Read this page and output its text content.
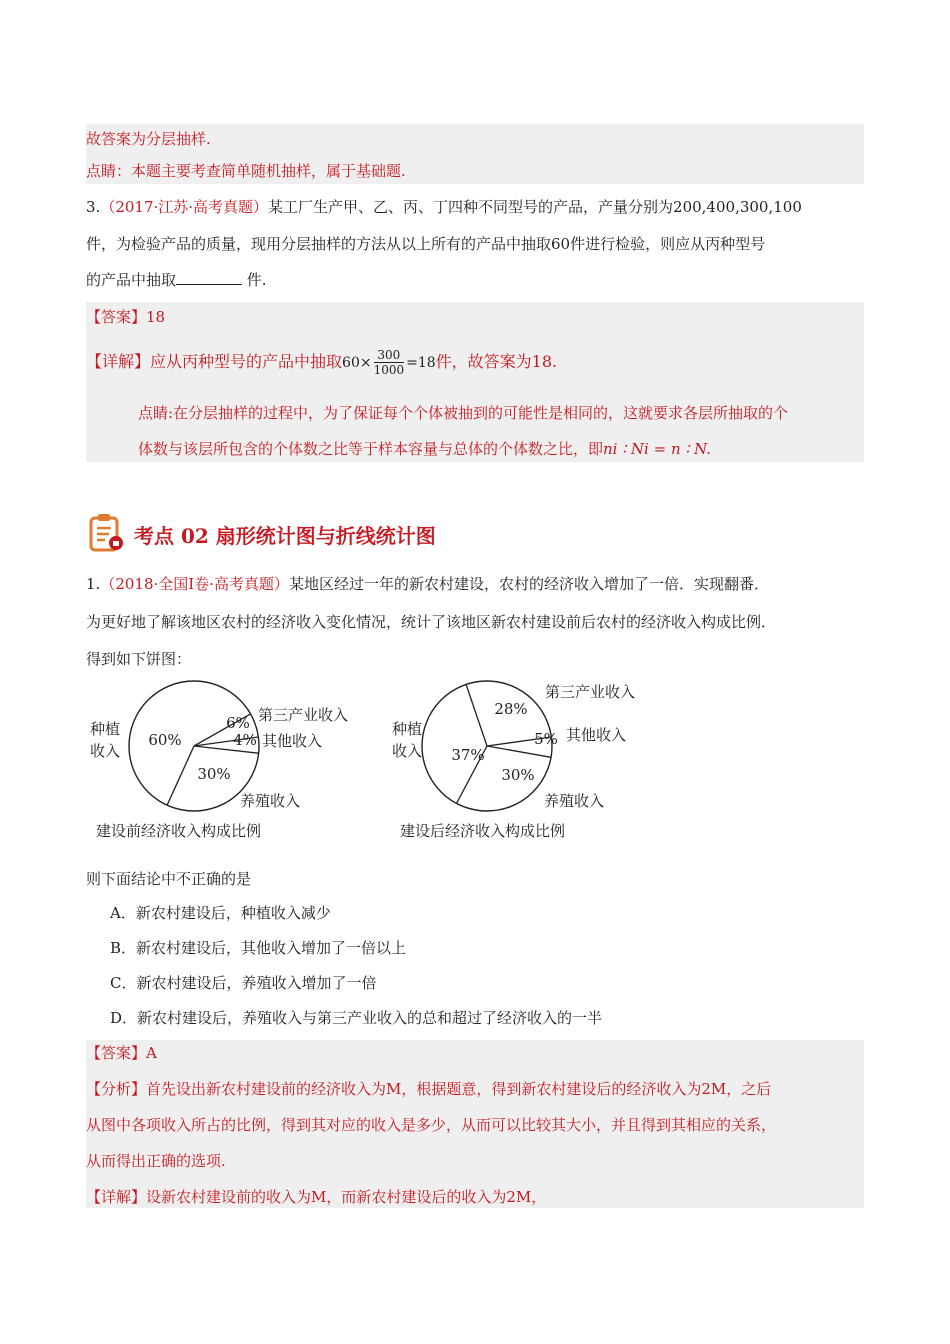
故答案为分层抽样.
点睛：本题主要考查简单随机抽样，属于基础题.
3.（2017·江苏·高考真题）某工厂生产甲、乙、丙、丁四种不同型号的产品，产量分别为200,400,300,100
件，为检验产品的质量，现用分层抽样的方法从以上所有的产品中抽取60件进行检验，则应从丙种型号
的产品中抽取	件.
【答案】18
【详解】应从丙种型号的产品中抽取$60\times \frac{300}{1000} =18$件，故答案为18.
点睛:在分层抽样的过程中，为了保证每个个体被抽到的可能性是相同的，这就要求各层所抽取的个
体数与该层所包含的个体数之比等于样本容量与总体的个体数之比，即ni ∶ Ni = n ∶ N.
考点 02 扇形统计图与折线统计图
1.（2018·全国Ⅰ卷·高考真题）某地区经过一年的新农村建设，农村的经济收入增加了一倍．实现翻番．
为更好地了解该地区农村的经济收入变化情况，统计了该地区新农村建设前后农村的经济收入构成比例．
得到如下饼图：
60%
6%
4%
30%
种植收入
第三产业收入
其他收入
养殖收入
建设前经济收入构成比例
37%
28%
5%
30%
种植收入
第三产业收入
其他收入
养殖收入
建设后经济收入构成比例
则下面结论中不正确的是
A．新农村建设后，种植收入减少
B．新农村建设后，其他收入增加了一倍以上
C．新农村建设后，养殖收入增加了一倍
D．新农村建设后，养殖收入与第三产业收入的总和超过了经济收入的一半
【答案】A
【分析】首先设出新农村建设前的经济收入为M，根据题意，得到新农村建设后的经济收入为2M，之后
从图中各项收入所占的比例，得到其对应的收入是多少，从而可以比较其大小，并且得到其相应的关系，
从而得出正确的选项.
【详解】设新农村建设前的收入为M，而新农村建设后的收入为2M，
